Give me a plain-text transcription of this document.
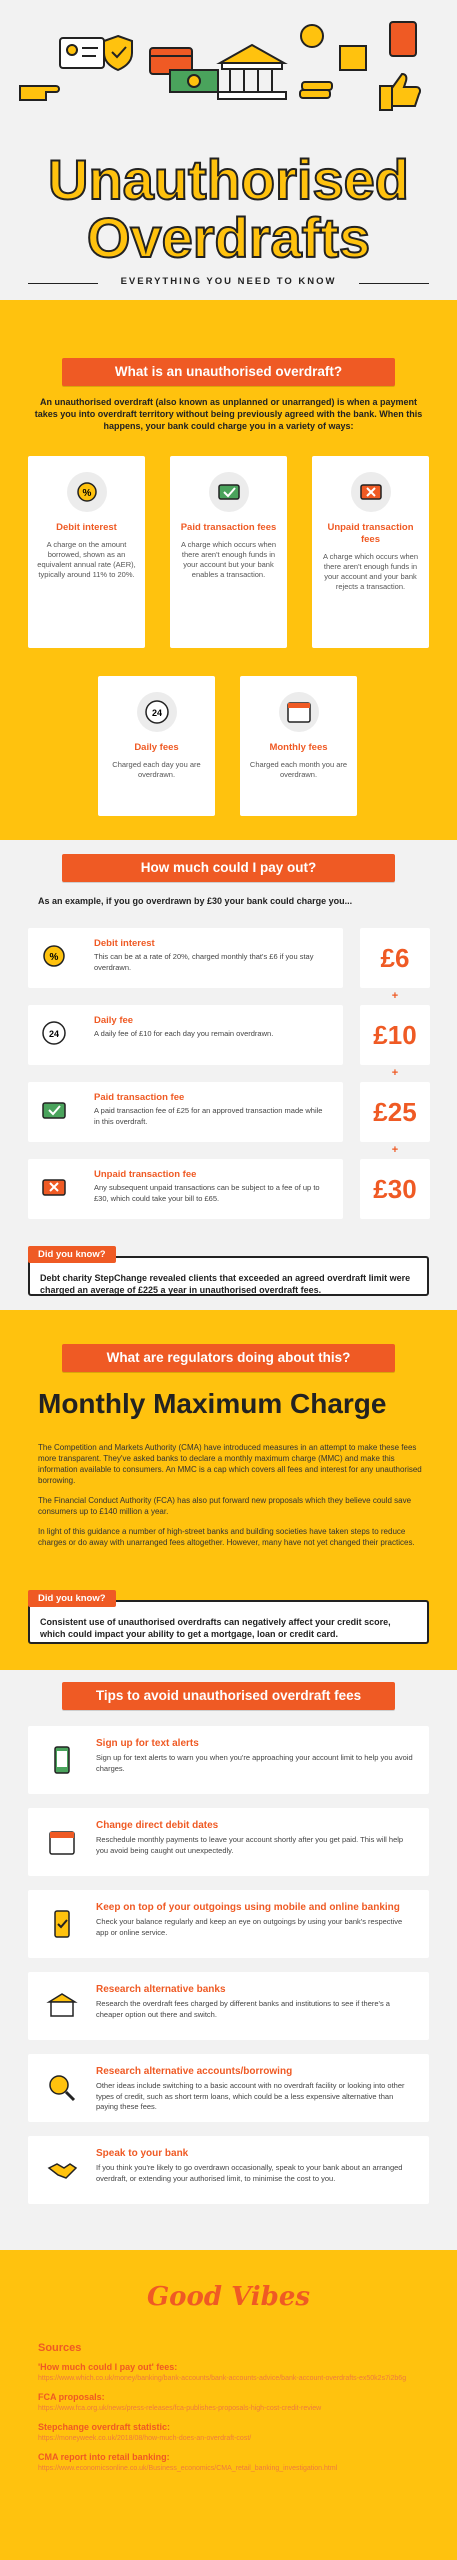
Unauthorised
Overdrafts
EVERYTHING YOU NEED TO KNOW
What is an unauthorised overdraft?
An unauthorised overdraft (also known as unplanned or unarranged) is when a payment takes you into overdraft territory without being previously agreed with the bank. When this happens, your bank could charge you in a variety of ways:
%
Debit interest
A charge on the amount borrowed, shown as an equivalent annual rate (AER), typically around 11% to 20%.
Paid transaction fees
A charge which occurs when there aren't enough funds in your account but your bank enables a transaction.
Unpaid transaction fees
A charge which occurs when there aren't enough funds in your account and your bank rejects a transaction.
24
Daily fees
Charged each day you are overdrawn.
Monthly fees
Charged each month you are overdrawn.
How much could I pay out?
As an example, if you go overdrawn by £30 your bank could charge you...
%
Debit interest
This can be at a rate of 20%, charged monthly that's £6 if you stay overdrawn.
24
Daily fee
A daily fee of £10 for each day you remain overdrawn.
Paid transaction fee
A paid transaction fee of £25 for an approved transaction made while in this overdraft.
Unpaid transaction fee
Any subsequent unpaid transactions can be subject to a fee of up to £30, which could take your bill to £65.
£6
+
£10
+
£25
+
£30
Debt charity StepChange revealed clients that exceeded an agreed overdraft limit were charged an average of £225 a year in unauthorised overdraft fees.
Did you know?
What are regulators doing about this?
Monthly Maximum Charge
The Competition and Markets Authority (CMA) have introduced measures in an attempt to make these fees more transparent. They've asked banks to declare a monthly maximum charge (MMC) and make this information available to consumers. An MMC is a cap which covers all fees and interest for any unauthorised borrowing.
The Financial Conduct Authority (FCA) has also put forward new proposals which they believe could save consumers up to £140 million a year.
In light of this guidance a number of high-street banks and building societies have taken steps to reduce charges or do away with unarranged fees altogether. However, many have not yet changed their practices.
Consistent use of unauthorised overdrafts can negatively affect your credit score, which could impact your ability to get a mortgage, loan or credit card.
Did you know?
Tips to avoid unauthorised overdraft fees
Sign up for text alerts
Sign up for text alerts to warn you when you're approaching your account limit to help you avoid charges.
Change direct debit dates
Reschedule monthly payments to leave your account shortly after you get paid. This will help you avoid being caught out unexpectedly.
Keep on top of your outgoings using mobile and online banking
Check your balance regularly and keep an eye on outgoings by using your bank's respective app or online service.
Research alternative banks
Research the overdraft fees charged by different banks and institutions to see if there's a cheaper option out there and switch.
Research alternative accounts/borrowing
Other ideas include switching to a basic account with no overdraft facility or looking into other types of credit, such as short term loans, which could be a less expensive alternative than paying these fees.
Speak to your bank
If you think you're likely to go overdrawn occasionally, speak to your bank about an arranged overdraft, or extending your authorised limit, to minimise the cost to you.
Good Vibes
Sources
'How much could I pay out' fees:
https://www.which.co.uk/money/banking/bank-accounts/bank-accounts-advice/bank-account-overdrafts-ex50k2s7i2b6g
FCA proposals:
https://www.fca.org.uk/news/press-releases/fca-publishes-proposals-high-cost-credit-review
Stepchange overdraft statistic:
https://moneyweek.co.uk/2018/08/how-much-does-an-overdraft-cost/
CMA report into retail banking:
https://www.economicsonline.co.uk/Business_economics/CMA_retail_banking_investigation.html
